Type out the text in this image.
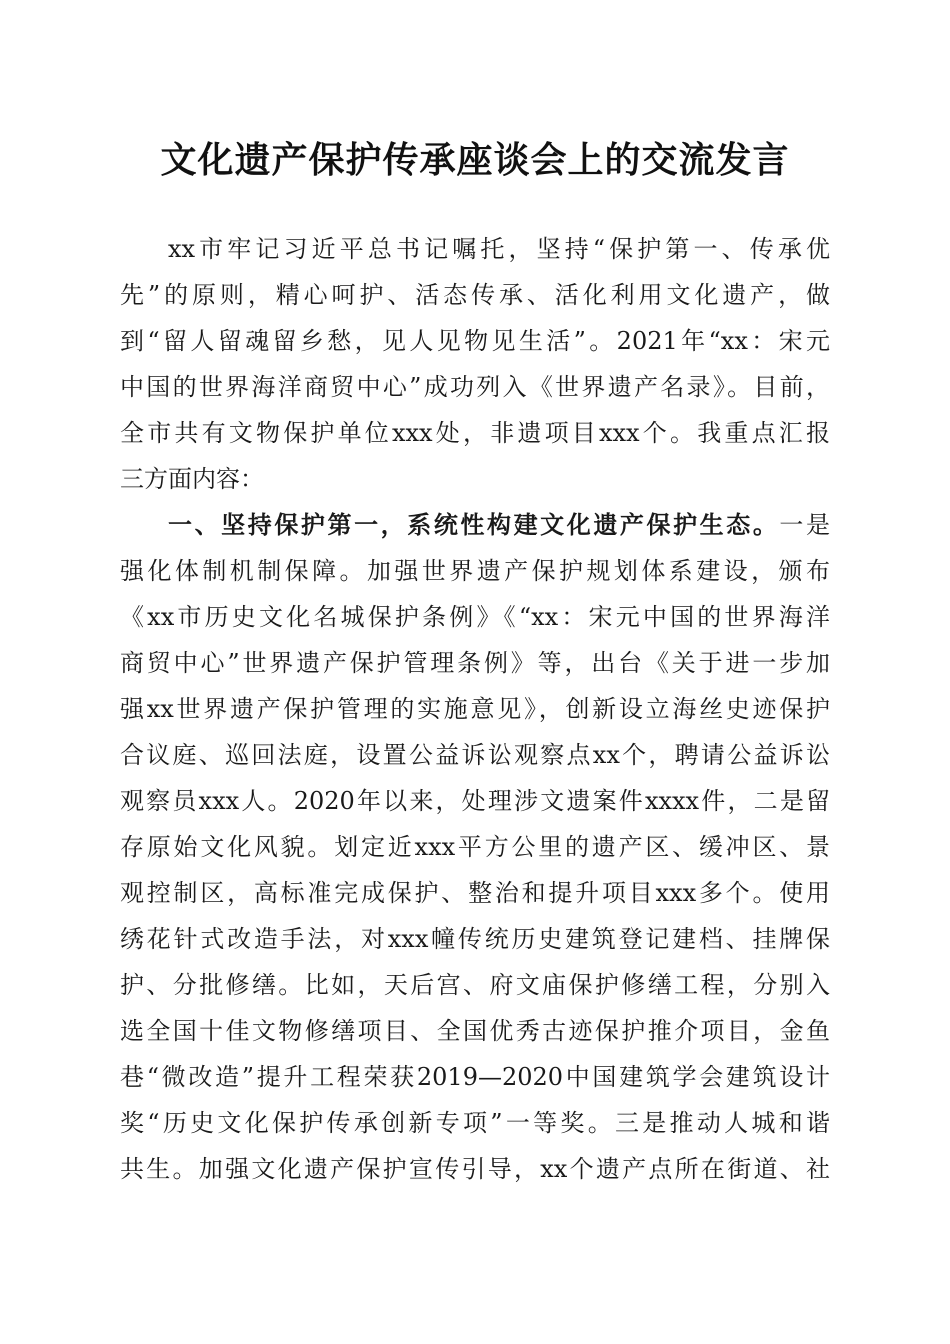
文化遗产保护传承座谈会上的交流发言
xx市牢记习近平总书记嘱托，坚持“保护第一、传承优
先”的原则，精心呵护、活态传承、活化利用文化遗产，做
到“留人留魂留乡愁，见人见物见生活”。2021年“xx：宋元
中国的世界海洋商贸中心”成功列入《世界遗产名录》。目前，
全市共有文物保护单位xxx处，非遗项目xxx个。我重点汇报
三方面内容：
一、坚持保护第一，系统性构建文化遗产保护生态。一是
强化体制机制保障。加强世界遗产保护规划体系建设，颁布
《xx市历史文化名城保护条例》《“xx：宋元中国的世界海洋
商贸中心”世界遗产保护管理条例》等，出台《关于进一步加
强xx世界遗产保护管理的实施意见》，创新设立海丝史迹保护
合议庭、巡回法庭，设置公益诉讼观察点xx个，聘请公益诉讼
观察员xxx人。2020年以来，处理涉文遗案件xxxx件，二是留
存原始文化风貌。划定近xxx平方公里的遗产区、缓冲区、景
观控制区，高标准完成保护、整治和提升项目xxx多个。使用
绣花针式改造手法，对xxx幢传统历史建筑登记建档、挂牌保
护、分批修缮。比如，天后宫、府文庙保护修缮工程，分别入
选全国十佳文物修缮项目、全国优秀古迹保护推介项目，金鱼
巷“微改造”提升工程荣获2019—2020中国建筑学会建筑设计
奖“历史文化保护传承创新专项”一等奖。三是推动人城和谐
共生。加强文化遗产保护宣传引导，xx个遗产点所在街道、社
